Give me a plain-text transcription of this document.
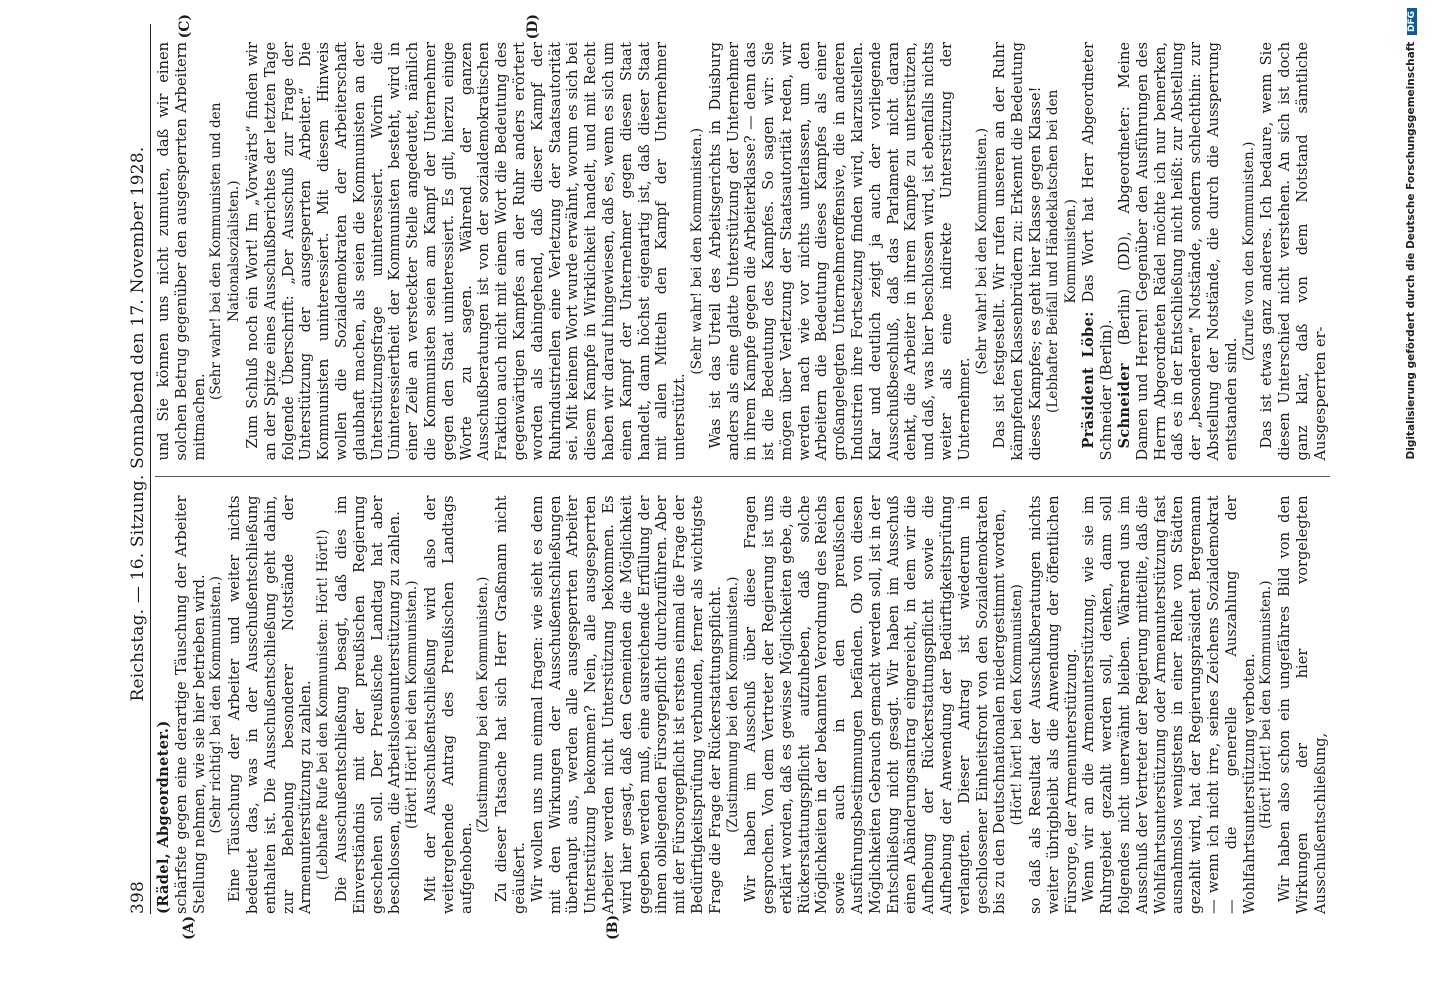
398
Reichstag. — 16. Sitzung. Sonnabend den 17. November 1928.
(A)	(B)

(Rädel, Abgeordneter.) schärfste gegen eine derartige Täuschung der Arbeiter Stellung nehmen, wie sie hier betrieben wird. (Sehr richtig! bei den Kommunisten.) Eine Täuschung der Arbeiter und weiter nichts bedeutet das, was in der Ausschußentschließung enthalten ist. Die Ausschußentschließung geht dahin, zur Behebung besonderer Notstände der Armenunterstützung zu zahlen. (Lebhafte Rufe bei den Kommunisten: Hört! Hört!) Die Ausschußentschließung besagt, daß dies im Einverständnis mit der preußischen Regierung geschehen soll. Der Preußische Landtag hat aber beschlossen, die Arbeitslosenunterstützung zu zahlen. (Hört! Hört! bei den Kommunisten.) Mit der Ausschußentschließung wird also der weitergehende Antrag des Preußischen Landtags aufgehoben.

(Zustimmung bei den Kommunisten.) Zu dieser Tatsache hat sich Herr Graßmann nicht geäußert. Wir wollen uns nun einmal fragen: wie sieht es denn mit den Wirkungen der Ausschußentschließungen überhaupt aus, werden alle ausgesperrten Arbeiter Unterstützung bekommen? Nein, alle ausgesperrten Arbeiter werden nicht Unterstützung bekommen. Es wird hier gesagt, daß den Gemeinden die Möglichkeit gegeben werden muß, eine ausreichende Erfüllung der ihnen obliegenden Fürsorgepflicht durchzuführen. Aber mit der Fürsorgepflicht ist erstens einmal die Frage der Bedürftigkeitsprüfung verbunden, ferner als wichtigste Frage die Frage der Rückerstattungspflicht. (Zustimmung bei den Kommunisten.) Wir haben im Ausschuß über diese Fragen gesprochen. Von dem Vertreter der Regierung ist uns erklärt worden, daß es gewisse Möglichkeiten gebe, die Rückerstattungspflicht aufzuheben, daß solche Möglichkeiten in der bekannten Verordnung des Reichs sowie auch in den preußischen Ausführungsbestimmungen befänden. Ob von diesen Möglichkeiten Gebrauch gemacht werden soll, ist in der Entschließung nicht gesagt. Wir haben im Ausschuß einen Abänderungsantrag eingereicht, in dem wir die Aufhebung der Rückerstattungspflicht sowie die Aufhebung der Anwendung der Bedürftigkeitsprüfung verlangten. Dieser Antrag ist wiederum in geschlossener Einheitsfront von den Sozialdemokraten bis zu den Deutschnationalen niedergestimmt worden, (Hört! hört! bei den Kommunisten) so daß als Resultat der Ausschußberatungen nichts weiter übrigbleibt als die Anwendung der öffentlichen Fürsorge, der Armenunterstützung. Wenn wir an die Armenunterstützung, wie sie im Ruhrgebiet gezahlt werden soll, denken, dann soll folgendes nicht unerwähnt bleiben. Während uns im Ausschuß der Vertreter der Regierung mitteilte, daß die Wohlfahrtsunterstützung oder Armenunterstützung fast ausnahmslos wenigstens in einer Reihe von Städten gezahlt wird, hat der Regierungspräsident Bergemann — wenn ich nicht irre, seines Zeichens Sozialdemokrat — die generelle Auszahlung der Wohlfahrtsunterstützung verboten. (Hört! Hört! bei den Kommunisten.) Wir haben also schon ein ungefähres Bild von den Wirkungen der hier vorgelegten Ausschußentschließung,

(C)	(D)

und Sie können uns nicht zumuten, daß wir einen solchen Betrug gegenüber den ausgesperrten Arbeitern mitmachen.

(Sehr wahr! bei den Kommunisten und den Nationalsozialisten.) Zum Schluß noch ein Wort! Im „Vorwärts“ finden wir an der Spitze eines Ausschußberichtes der letzten Tage folgende Überschrift: „Der Ausschuß zur Frage der Unterstützung der ausgesperrten Arbeiter.“ Die Kommunisten uninteressiert. Mit diesem Hinweis wollen die Sozialdemokraten der Arbeiterschaft glaubhaft machen, als seien die Kommunisten an der Unterstützungsfrage uninteressiert. Worin die Uninteressiertheit der Kommunisten besteht, wird in einer Zeile an versteckter Stelle angedeutet, nämlich die Kommunisten seien am Kampf der Unternehmer gegen den Staat uninteressiert. Es gilt, hierzu einige Worte zu sagen. Während der ganzen Ausschußberatungen ist von der sozialdemokratischen Fraktion auch nicht mit einem Wort die Bedeutung des gegenwärtigen Kampfes an der Ruhr anders erörtert worden als dahingehend, daß dieser Kampf der Ruhrindustriellen eine Verletzung der Staatsautorität sei. Mit keinem Wort wurde erwähnt, worum es sich bei diesem Kampfe in Wirklichkeit handelt, und mit Recht haben wir darauf hingewiesen, daß es, wenn es sich um einen Kampf der Unternehmer gegen diesen Staat handelt, dann höchst eigenartig ist, daß dieser Staat mit allen Mitteln den Kampf der Unternehmer unterstützt.

(Sehr wahr! bei den Kommunisten.) Was ist das Urteil des Arbeitsgerichts in Duisburg anders als eine glatte Unterstützung der Unternehmer in ihrem Kampfe gegen die Arbeiterklasse? — denn das ist die Bedeutung des Kampfes. So sagen wir: Sie mögen über Verletzung der Staatsautorität reden, wir werden nach wie vor nichts unterlassen, um den Arbeitern die Bedeutung dieses Kampfes als einer großangelegten Unternehmeroffensive, die in anderen Industrien ihre Fortsetzung finden wird, klarzustellen. Klar und deutlich zeigt ja auch der vorliegende Ausschußbeschluß, daß das Parlament nicht daran denkt, die Arbeiter in ihrem Kampfe zu unterstützen, und daß, was hier beschlossen wird, ist ebenfalls nichts weiter als eine indirekte Unterstützung der Unternehmer.

(Sehr wahr! bei den Kommunisten.) Das ist festgestellt. Wir rufen unseren an der Ruhr kämpfenden Klassenbrüdern zu: Erkennt die Bedeutung dieses Kampfes; es geht hier Klasse gegen Klasse! (Lebhafter Beifall und Händeklatschen bei den Kommunisten.)

Präsident Löbe: Das Wort hat Herr Abgeordneter Schneider (Berlin). Schneider (Berlin) (DD), Abgeordneter: Meine Damen und Herren! Gegenüber den Ausführungen des Herrn Abgeordneten Rädel möchte ich nur bemerken, daß es in der Entschließung nicht heißt: zur Abstellung der „besonderen“ Notstände, sondern schlechthin: zur Abstellung der Notstände, die durch die Aussperrung entstanden sind.

(Zurufe von den Kommunisten.) Das ist etwas ganz anderes. Ich bedaure, wenn Sie diesen Unterschied nicht verstehen. An sich ist doch ganz klar, daß von dem Notstand sämtliche Ausgesperrten er-	Digitalisierung gefördert durch die Deutsche Forschungsgemeinschaft DFG
